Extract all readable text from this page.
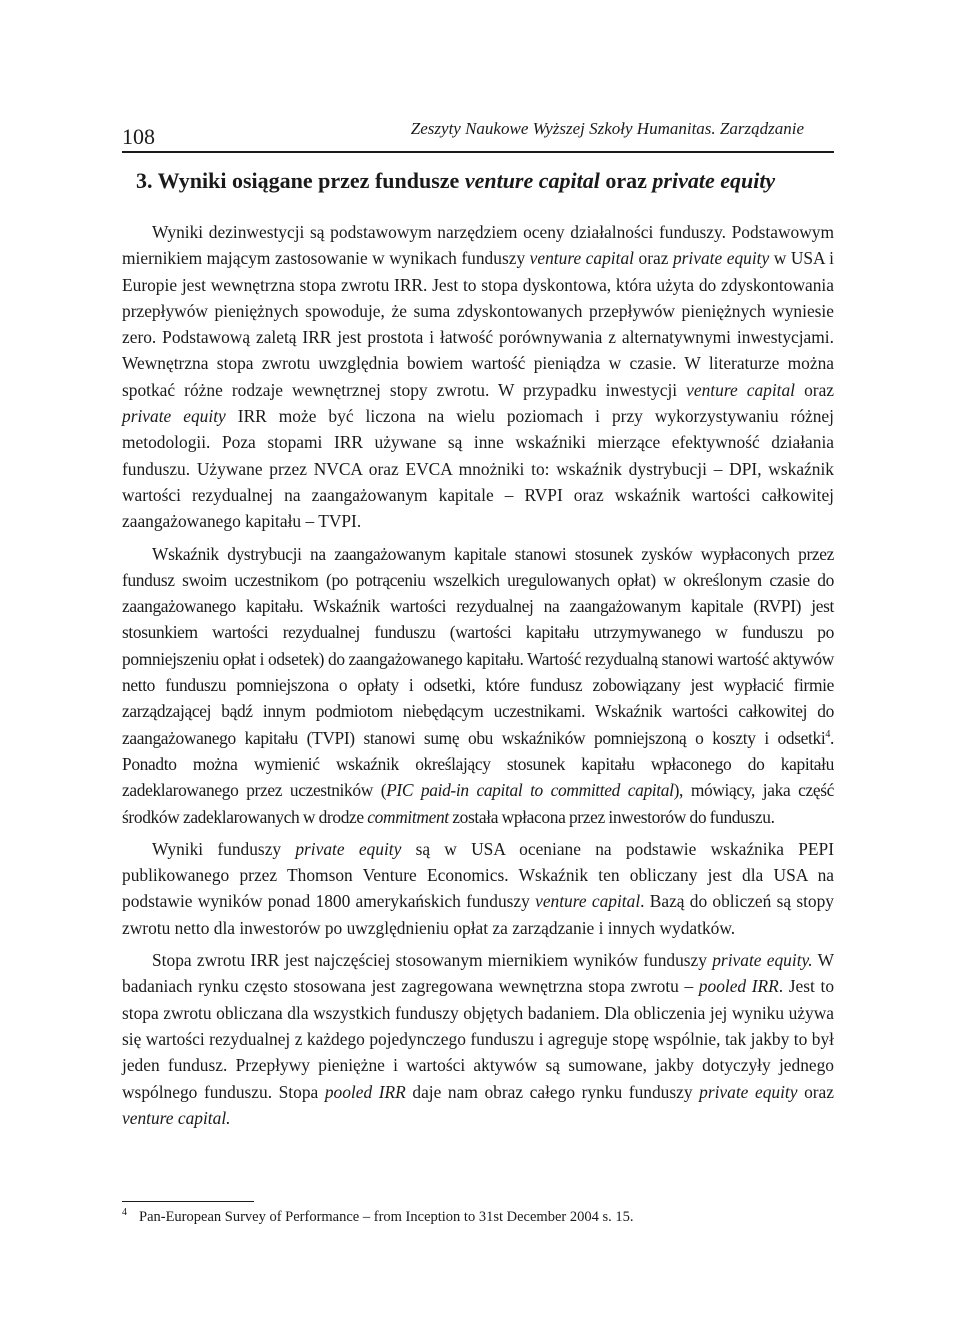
108	Zeszyty Naukowe Wyższej Szkoły Humanitas. Zarządzanie
3. Wyniki osiągane przez fundusze venture capital oraz private equity

Wyniki dezinwestycji są podstawowym narzędziem oceny działalności funduszy. Podstawowym miernikiem mającym zastosowanie w wynikach funduszy venture capital oraz private equity w USA i Europie jest wewnętrzna stopa zwrotu IRR. Jest to stopa dyskontowa, która użyta do zdyskontowania przepływów pieniężnych spowoduje, że suma zdyskontowanych przepływów pieniężnych wyniesie zero. Podstawową zaletą IRR jest prostota i łatwość porównywania z alternatywnymi inwestycjami. Wewnętrzna stopa zwrotu uwzględnia bowiem wartość pieniądza w czasie. W literaturze można spotkać różne rodzaje wewnętrznej stopy zwrotu. W przypadku inwestycji venture capital oraz private equity IRR może być liczona na wielu poziomach i przy wykorzystywaniu różnej metodologii. Poza stopami IRR używane są inne wskaźniki mierzące efektywność działania funduszu. Używane przez NVCA oraz EVCA mnożniki to: wskaźnik dystrybucji – DPI, wskaźnik wartości rezydualnej na zaangażowanym kapitale – RVPI oraz wskaźnik wartości całkowitej zaangażowanego kapitału – TVPI.

Wskaźnik dystrybucji na zaangażowanym kapitale stanowi stosunek zysków wypłaconych przez fundusz swoim uczestnikom (po potrąceniu wszelkich uregulowanych opłat) w określonym czasie do zaangażowanego kapitału. Wskaźnik wartości rezydualnej na zaangażowanym kapitale (RVPI) jest stosunkiem wartości rezydualnej funduszu (wartości kapitału utrzymywanego w funduszu po pomniejszeniu opłat i odsetek) do zaangażowanego kapitału. Wartość rezydualną stanowi wartość aktywów netto funduszu pomniejszona o opłaty i odsetki, które fundusz zobowiązany jest wypłacić firmie zarządzającej bądź innym podmiotom niebędącym uczestnikami. Wskaźnik wartości całkowitej do zaangażowanego kapitału (TVPI) stanowi sumę obu wskaźników pomniejszoną o koszty i odsetki$^4$. Ponadto można wymienić wskaźnik określający stosunek kapitału wpłaconego do kapitału zadeklarowanego przez uczestników (PIC paid-in capital to committed capital), mówiący, jaka część środków zadeklarowanych w drodze commitment została wpłacona przez inwestorów do funduszu.

Wyniki funduszy private equity są w USA oceniane na podstawie wskaźnika PEPI publikowanego przez Thomson Venture Economics. Wskaźnik ten obliczany jest dla USA na podstawie wyników ponad 1800 amerykańskich funduszy venture capital. Bazą do obliczeń są stopy zwrotu netto dla inwestorów po uwzględnieniu opłat za zarządzanie i innych wydatków.

Stopa zwrotu IRR jest najczęściej stosowanym miernikiem wyników funduszy private equity. W badaniach rynku często stosowana jest zagregowana wewnętrzna stopa zwrotu – pooled IRR. Jest to stopa zwrotu obliczana dla wszystkich funduszy objętych badaniem. Dla obliczenia jej wyniku używa się wartości rezydualnej z każdego pojedynczego funduszu i agreguje stopę wspólnie, tak jakby to był jeden fundusz. Przepływy pieniężne i wartości aktywów są sumowane, jakby dotyczyły jednego wspólnego funduszu. Stopa pooled IRR daje nam obraz całego rynku funduszy private equity oraz venture capital.

$^4$ Pan-European Survey of Performance – from Inception to 31st December 2004 s. 15.
